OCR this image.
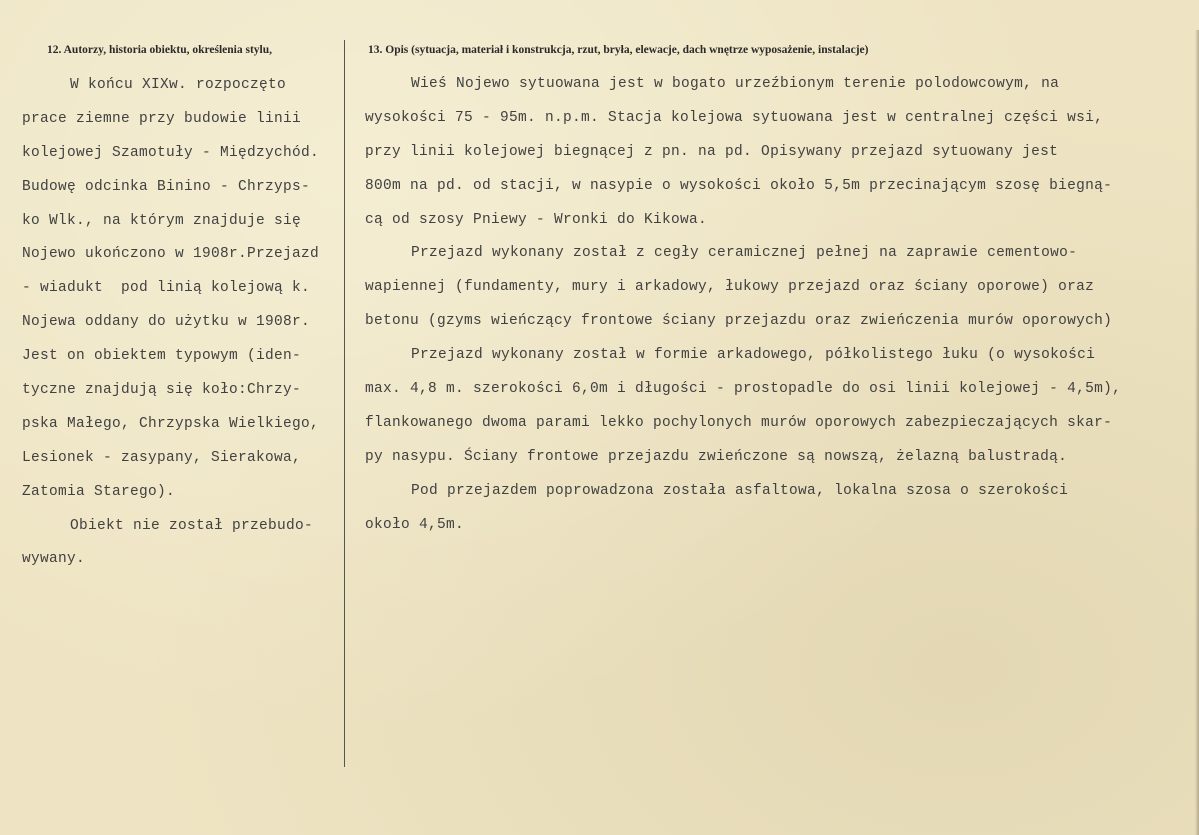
12. Autorzy, historia obiektu, określenia stylu,	13. Opis (sytuacja, materiał i konstrukcja, rzut, bryła, elewacje, dach wnętrze wyposażenie, instalacje)
W końcu XIXw. rozpoczęto
prace ziemne przy budowie linii
kolejowej Szamotuły - Międzychód.
Budowę odcinka Binino - Chrzyps-
ko Wlk., na którym znajduje się
Nojewo ukończono w 1908r.Przejazd
- wiadukt  pod linią kolejową k.
Nojewa oddany do użytku w 1908r.
Jest on obiektem typowym (iden-
tyczne znajdują się koło:Chrzy-
pska Małego, Chrzypska Wielkiego,
Lesionek - zasypany, Sierakowa,
Zatomia Starego).
Obiekt nie został przebudo-
wywany.
Wieś Nojewo sytuowana jest w bogato urzeźbionym terenie polodowcowym, na
wysokości 75 - 95m. n.p.m. Stacja kolejowa sytuowana jest w centralnej części wsi,
przy linii kolejowej biegnącej z pn. na pd. Opisywany przejazd sytuowany jest
800m na pd. od stacji, w nasypie o wysokości około 5,5m przecinającym szosę biegną-
cą od szosy Pniewy - Wronki do Kikowa.
Przejazd wykonany został z cegły ceramicznej pełnej na zaprawie cementowo-
wapiennej (fundamenty, mury i arkadowy, łukowy przejazd oraz ściany oporowe) oraz
betonu (gzyms wieńczący frontowe ściany przejazdu oraz zwieńczenia murów oporowych)
Przejazd wykonany został w formie arkadowego, półkolistego łuku (o wysokości
max. 4,8 m. szerokości 6,0m i długości - prostopadle do osi linii kolejowej - 4,5m),
flankowanego dwoma parami lekko pochylonych murów oporowych zabezpieczających skar-
py nasypu. Ściany frontowe przejazdu zwieńczone są nowszą, żelazną balustradą.
Pod przejazdem poprowadzona została asfaltowa, lokalna szosa o szerokości
około 4,5m.
